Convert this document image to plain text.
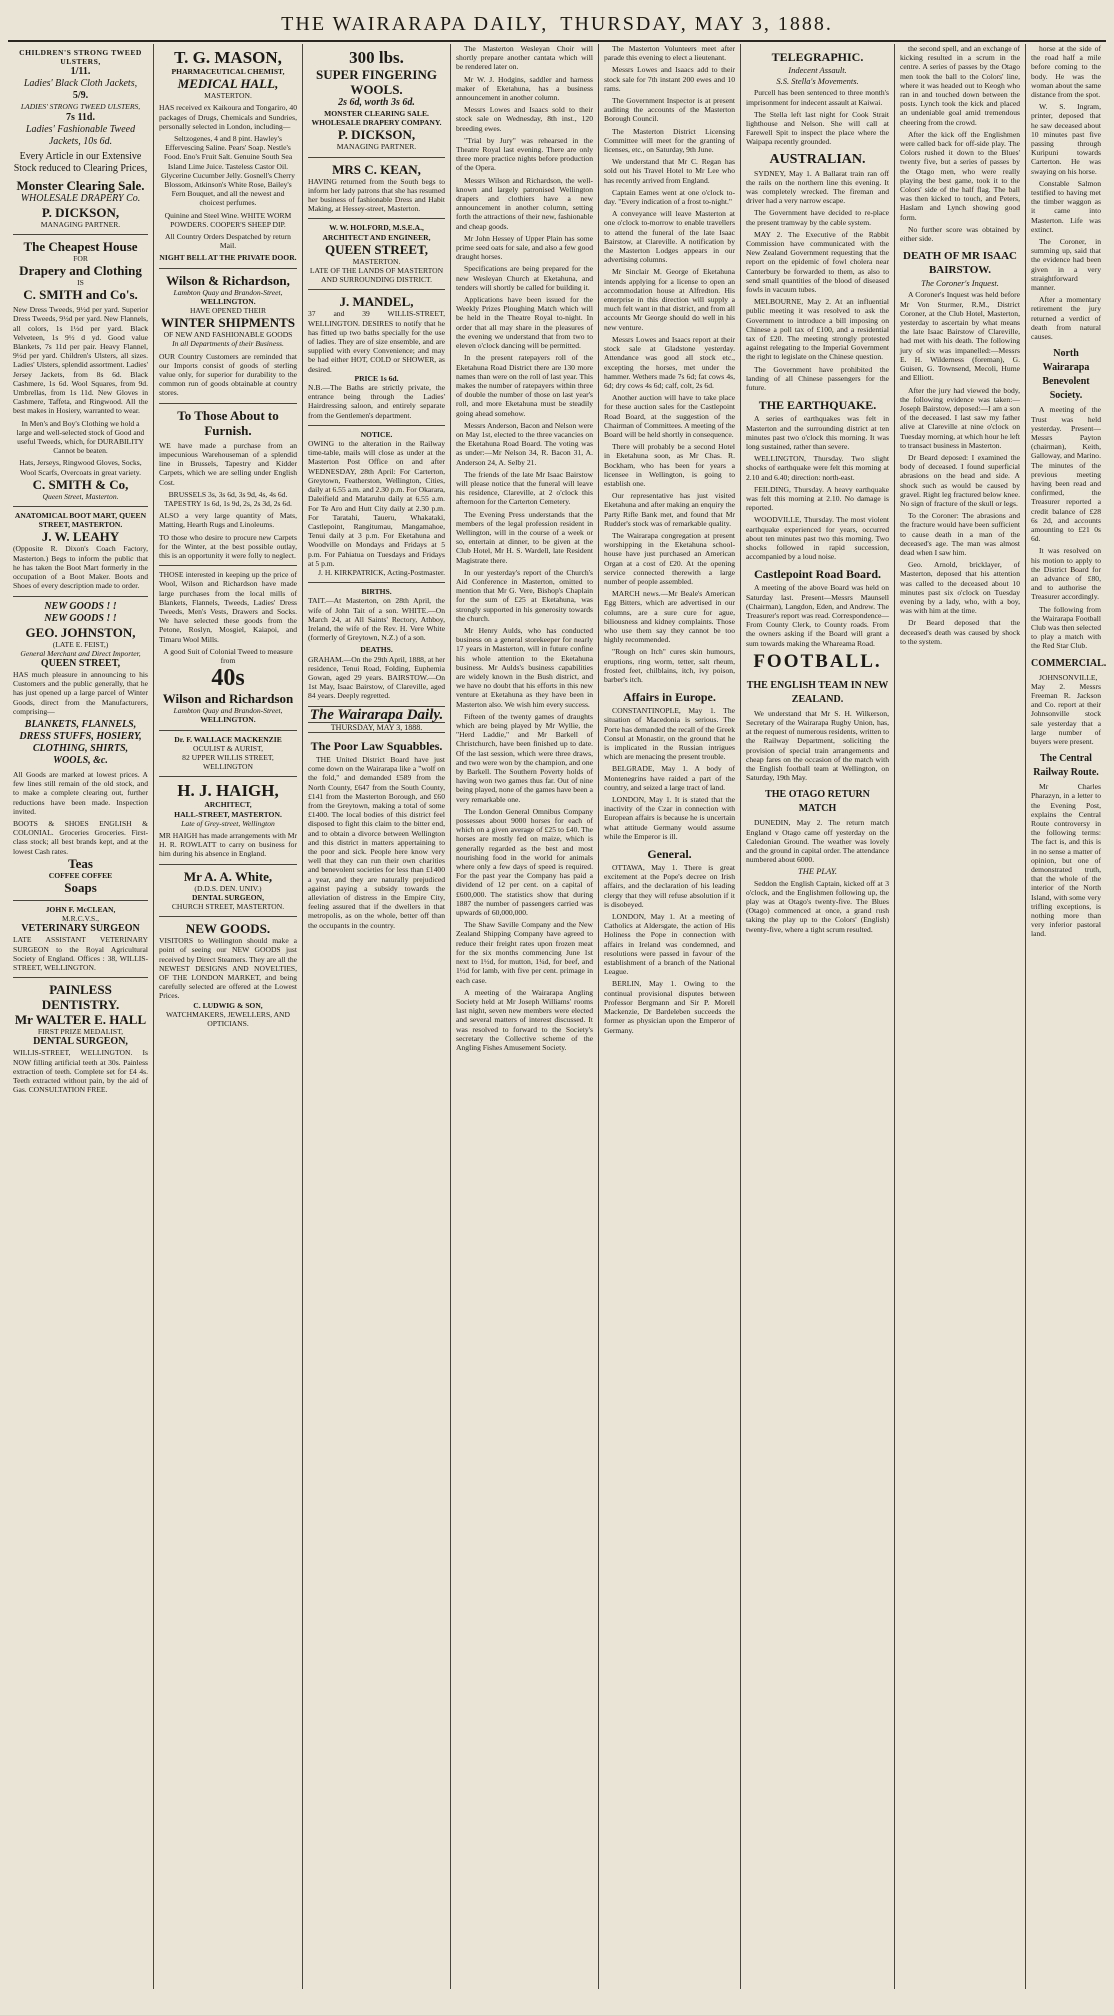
THE WAIRARAPA DAILY, THURSDAY, MAY 3, 1888.
CHILDREN'S STRONG TWEED ULSTERS,
1/11.
Ladies' Black Cloth Jackets,
5/9.
LADIES' STRONG TWEED ULSTERS,
7s 11d.
Ladies' Fashionable Tweed Jackets, 10s 6d.
Every Article in our Extensive Stock reduced to Clearing Prices,
Monster Clearing Sale.
WHOLESALE DRAPERY Co.
P. DICKSON,
MANAGING PARTNER.
The Cheapest House
FOR
Drapery and Clothing
IS
C. SMITH and Co's.
New Dress Tweeds, 9½d per yard. Superior Dress Tweeds, 9½d per yard. New Flannels, all colors, 1s 1½d per yard. Black Velveteen, 1s 9½ d yd. Good value Blankets, 7s 11d per pair. Heavy Flannel, 9½d per yard. Children's Ulsters, all sizes. Ladies' Ulsters, splendid assortment. Ladies' Jersey Jackets, from 8s 6d. Black Cashmere, 1s 6d. Wool Squares, from 9d. Umbrellas, from 1s 11d. New Gloves in Cashmere, Taffeta, and Ringwood. All the best makes in Hosiery, warranted to wear.
In Men's and Boy's Clothing we hold a large and well-selected stock of Good and useful Tweeds, which, for DURABILITY Cannot be beaten.
Hats, Jerseys, Ringwood Gloves, Socks, Wool Scarfs, Overcoats in great variety.
C. SMITH & Co,
Queen Street, Masterton.
ANATOMICAL BOOT MART, QUEEN STREET, MASTERTON.
J. W. LEAHY
(Opposite R. Dixon's Coach Factory, Masterton.) Begs to inform the public that he has taken the Boot Mart formerly in the occupation of a Boot Maker. Boots and Shoes of every description made to order.
NEW GOODS ! !
NEW GOODS ! !
GEO. JOHNSTON,
(LATE E. FEIST,)
General Merchant and Direct Importer,
QUEEN STREET,
HAS much pleasure in announcing to his Customers and the public generally, that he has just opened up a large parcel of Winter Goods, direct from the Manufacturers, comprising—
BLANKETS, FLANNELS, DRESS STUFFS, HOSIERY, CLOTHING, SHIRTS, WOOLS, &c.
All Goods are marked at lowest prices. A few lines still remain of the old stock, and to make a complete clearing out, further reductions have been made. Inspection invited.
BOOTS & SHOES ENGLISH & COLONIAL. Groceries Groceries. First-class stock; all best brands kept, and at the lowest Cash rates.
Teas
COFFEE COFFEE
Soaps
JOHN F. McCLEAN,
M.R.C.V.S.,
VETERINARY SURGEON
LATE ASSISTANT VETERINARY SURGEON to the Royal Agricultural Society of England. Offices : 38, WILLIS-STREET, WELLINGTON.
PAINLESS DENTISTRY.
Mr WALTER E. HALL
FIRST PRIZE MEDALIST,
DENTAL SURGEON,
WILLIS-STREET, WELLINGTON. Is NOW filling artificial teeth at 30s. Painless extraction of teeth. Complete set for £4 4s. Teeth extracted without pain, by the aid of Gas. CONSULTATION FREE.
T. G. MASON,
PHARMACEUTICAL CHEMIST,
MEDICAL HALL,
MASTERTON.
HAS received ex Kaikoura and Tongariro, 40 packages of Drugs, Chemicals and Sundries, personally selected in London, including—
Seltzogenes, 4 and 8 pint. Hawley's Effervescing Saline. Pears' Soap. Nestle's Food. Eno's Fruit Salt. Genuine South Sea Island Lime Juice. Tasteless Castor Oil. Glycerine Cucumber Jelly. Gosnell's Cherry Blossom, Atkinson's White Rose, Bailey's Fern Bouquet, and all the newest and choicest perfumes.
Quinine and Steel Wine. WHITE WORM POWDERS. COOPER'S SHEEP DIP.
All Country Orders Despatched by return Mail.
NIGHT BELL AT THE PRIVATE DOOR.
Wilson & Richardson,
Lambton Quay and Brandon-Street,
WELLINGTON.
HAVE OPENED THEIR
WINTER SHIPMENTS
OF NEW AND FASHIONABLE GOODS
In all Departments of their Business.
OUR Country Customers are reminded that our Imports consist of goods of sterling value only, for superior for durability to the common run of goods obtainable at country stores.
To Those About to Furnish.
WE have made a purchase from an impecunious Warehouseman of a splendid line in Brussels, Tapestry and Kidder Carpets, which we are selling under English Cost.
BRUSSELS 3s, 3s 6d, 3s 9d, 4s, 4s 6d. TAPESTRY 1s 6d, 1s 9d, 2s, 2s 3d, 2s 6d.
ALSO a very large quantity of Mats, Matting, Hearth Rugs and Linoleums.
TO those who desire to procure new Carpets for the Winter, at the best possible outlay, this is an opportunity it were folly to neglect.
THOSE interested in keeping up the price of Wool, Wilson and Richardson have made large purchases from the local mills of Blankets, Flannels, Tweeds, Ladies' Dress Tweeds, Men's Vests, Drawers and Socks. We have selected these goods from the Petone, Roslyn, Mosgiel, Kaiapoi, and Timaru Wool Mills.
A good Suit of Colonial Tweed to measure from
40s
Wilson and Richardson
Lambton Quay and Brandon-Street,
WELLINGTON.
Dr. F. WALLACE MACKENZIE
OCULIST & AURIST,
82 UPPER WILLIS STREET, WELLINGTON
H. J. HAIGH,
ARCHITECT,
HALL-STREET, MASTERTON.
Late of Grey-street, Wellington
MR HAIGH has made arrangements with Mr H. R. ROWLATT to carry on business for him during his absence in England.
Mr A. A. White,
(D.D.S. DEN. UNIV.)
DENTAL SURGEON,
CHURCH STREET, MASTERTON.
NEW GOODS.
VISITORS to Wellington should make a point of seeing our NEW GOODS just received by Direct Steamers. They are all the NEWEST DESIGNS AND NOVELTIES, OF THE LONDON MARKET, and being carefully selected are offered at the Lowest Prices.
C. LUDWIG & SON,
WATCHMAKERS, JEWELLERS, AND OPTICIANS.
300 lbs.
SUPER FINGERING WOOLS.
2s 6d, worth 3s 6d.
MONSTER CLEARING SALE.
WHOLESALE DRAPERY COMPANY.
P. DICKSON,
MANAGING PARTNER.
MRS C. KEAN,
HAVING returned from the South begs to inform her lady patrons that she has resumed her business of fashionable Dress and Habit Making, at Hessey-street, Masterton.
W. W. HOLFORD, M.S.E.A.,
ARCHITECT AND ENGINEER,
QUEEN STREET,
MASTERTON.
LATE OF THE LANDS OF MASTERTON AND SURROUNDING DISTRICT.
J. MANDEL,
37 and 39 WILLIS-STREET, WELLINGTON. DESIRES to notify that he has fitted up two baths specially for the use of ladies. They are of size ensemble, and are supplied with every Convenience; and may be had either HOT, COLD or SHOWER, as desired.
PRICE 1s 6d.
N.B.—The Baths are strictly private, the entrance being through the Ladies' Hairdressing saloon, and entirely separate from the Gentlemen's department.
NOTICE.
OWING to the alteration in the Railway time-table, mails will close as under at the Masterton Post Office on and after WEDNESDAY, 28th April: For Carterton, Greytown, Featherston, Wellington, Cities, daily at 6.55 a.m. and 2.30 p.m. For Okarara, Daleifield and Mataruhu daily at 6.55 a.m. For Te Aro and Hutt City daily at 2.30 p.m. For Taratahi, Taueru, Whakataki, Castlepoint, Rangitumau, Mangamahoe, Tenui daily at 3 p.m. For Eketahuna and Woodville on Mondays and Fridays at 5 p.m. For Pahiatua on Tuesdays and Fridays at 5 p.m.
J. H. KIRKPATRICK, Acting-Postmaster.
BIRTHS.
TAIT.—At Masterton, on 28th April, the wife of John Tait of a son. WHITE.—On March 24, at All Saints' Rectory, Athboy, Ireland, the wife of the Rev. H. Vere White (formerly of Greytown, N.Z.) of a son.
DEATHS.
GRAHAM.—On the 29th April, 1888, at her residence, Tenui Road, Folding, Euphemia Gowan, aged 29 years. BAIRSTOW.—On 1st May, Isaac Bairstow, of Clareville, aged 84 years. Deeply regretted.
The Wairarapa Daily.
THURSDAY, MAY 3, 1888.
The Poor Law Squabbles.

THE United District Board have just come down on the Wairarapa like a "wolf on the fold," and demanded £589 from the North County, £647 from the South County, £141 from the Masterton Borough, and £60 from the Greytown, making a total of some £1400. The local bodies of this district feel disposed to fight this claim to the bitter end, and to obtain a divorce between Wellington and this district in matters appertaining to the poor and sick. People here know very well that they can run their own charities and benevolent societies for less than £1400 a year, and they are naturally prejudiced against paying a subsidy towards the alleviation of distress in the Empire City, feeling assured that if the dwellers in that metropolis, as on the whole, better off than the occupants in the country.

The Masterton Wesleyan Choir will shortly prepare another cantata which will be rendered later on.

Mr W. J. Hodgins, saddler and harness maker of Eketahuna, has a business announcement in another column.

Messrs Lowes and Isaacs sold to their stock sale on Wednesday, 8th inst., 120 breeding ewes.

"Trial by Jury" was rehearsed in the Theatre Royal last evening. There are only three more practice nights before production of the Opera.

Messrs Wilson and Richardson, the well-known and largely patronised Wellington drapers and clothiers have a new announcement in another column, setting forth the attractions of their new, fashionable and cheap goods.

Mr John Hessey of Upper Plain has some prime seed oats for sale, and also a few good draught horses.

Specifications are being prepared for the new Wesleyan Church at Eketahuna, and tenders will shortly be called for building it.

Applications have been issued for the Weekly Prizes Ploughing Match which will be held in the Theatre Royal to-night. In order that all may share in the pleasures of the evening we understand that from two to eleven o'clock dancing will be permitted.

In the present ratepayers roll of the Eketahuna Road District there are 130 more names than were on the roll of last year. This makes the number of ratepayers within three of double the number of those on last year's roll, and more Eketahuna must be steadily going ahead somehow.

Messrs Anderson, Bacon and Nelson were on May 1st, elected to the three vacancies on the Eketahuna Road Board. The voting was as under:—Mr Nelson 34, R. Bacon 31, A. Anderson 24, A. Selby 21.

The friends of the late Mr Isaac Bairstow will please notice that the funeral will leave his residence, Clareville, at 2 o'clock this afternoon for the Carterton Cemetery.

The Evening Press understands that the members of the legal profession resident in Wellington, will in the course of a week or so, entertain at dinner, to be given at the Club Hotel, Mr H. S. Wardell, late Resident Magistrate there.

In our yesterday's report of the Church's Aid Conference in Masterton, omitted to mention that Mr G. Vere, Bishop's Chaplain for the sum of £25 at Eketahuna, was strongly supported in his generosity towards the church.

Mr Henry Aulds, who has conducted business on a general storekeeper for nearly 17 years in Masterton, will in future confine his whole attention to the Eketahuna business. Mr Aulds's business capabilities are widely known in the Bush district, and we have no doubt that his efforts in this new venture at Eketahuna as they have been in Masterton also. We wish him every success.

Fifteen of the twenty games of draughts which are being played by Mr Wyllie, the "Herd Laddie," and Mr Barkell of Christchurch, have been finished up to date. Of the last session, which were three draws, and two were won by the champion, and one by Barkell. The Southern Poverty holds of having won two games thus far. Out of nine being played, none of the games have been a very remarkable one.

The London General Omnibus Company possesses about 9000 horses for each of which on a given average of £25 to £40. The horses are mostly fed on maize, which is generally regarded as the best and most nourishing food in the world for animals where only a few days of speed is required. For the past year the Company has paid a dividend of 12 per cent. on a capital of £600,000. The statistics show that during 1887 the number of passengers carried was upwards of 60,000,000.

The Shaw Saville Company and the New Zealand Shipping Company have agreed to reduce their freight rates upon frozen meat for the six months commencing June 1st next to 1½d, for mutton, 1¼d, for beef, and 1½d for lamb, with five per cent. primage in each case.

A meeting of the Wairarapa Angling Society held at Mr Joseph Williams' rooms last night, seven new members were elected and several matters of interest discussed. It was resolved to forward to the Society's secretary the Collective scheme of the Angling Fishes Amusement Society.

The Masterton Volunteers meet after parade this evening to elect a lieutenant.

Messrs Lowes and Isaacs add to their stock sale for 7th instant 200 ewes and 10 rams.

The Government Inspector is at present auditing the accounts of the Masterton Borough Council.

The Masterton District Licensing Committee will meet for the granting of licenses, etc., on Saturday, 9th June.

We understand that Mr C. Regan has sold out his Travel Hotel to Mr Lee who has recently arrived from England.

Captain Eames went at one o'clock to-day. "Every indication of a frost to-night."

A conveyance will leave Masterton at one o'clock to-morrow to enable travellers to attend the funeral of the late Isaac Bairstow, at Clareville. A notification by the Masterton Lodges appears in our advertising columns.

Mr Sinclair M. George of Eketahuna intends applying for a license to open an accommodation house at Alfredton. His enterprise in this direction will supply a much felt want in that district, and from all accounts Mr George should do well in his new venture.

Messrs Lowes and Isaacs report at their stock sale at Gladstone yesterday. Attendance was good all stock etc., excepting the horses, met under the hammer. Wethers made 7s 6d; fat cows 4s, 6d; dry cows 4s 6d; calf, colt, 2s 6d.

Another auction will have to take place for these auction sales for the Castlepoint Road Board, at the suggestion of the Chairman of Committees. A meeting of the Board will be held shortly in consequence.

There will probably be a second Hotel in Eketahuna soon, as Mr Chas. R. Bockham, who has been for years a licensee in Wellington, is going to establish one.

Our representative has just visited Eketahuna and after making an enquiry the Party Rifle Bank met, and found that Mr Rudder's stock was of remarkable quality.

The Wairarapa congregation at present worshipping in the Eketahuna school-house have just purchased an American Organ at a cost of £20. At the opening service connected therewith a large number of people assembled.

MARCH news.—Mr Beale's American Egg Bitters, which are advertised in our columns, are a sure cure for ague, biliousness and kidney complaints. Those who use them say they cannot be too highly recommended.

"Rough on Itch" cures skin humours, eruptions, ring worm, tetter, salt rheum, frosted feet, chilblains, itch, ivy poison, barber's itch.

Affairs in Europe.

CONSTANTINOPLE, May 1. The situation of Macedonia is serious. The Porte has demanded the recall of the Greek Consul at Monastir, on the ground that he is implicated in the Russian intrigues which are menacing the present trouble.

BELGRADE, May 1. A body of Montenegrins have raided a part of the country, and seized a large tract of land.

LONDON, May 1. It is stated that the inactivity of the Czar in connection with European affairs is because he is uncertain what attitude Germany would assume while the Emperor is ill.

General.

OTTAWA, May 1. There is great excitement at the Pope's decree on Irish affairs, and the declaration of his leading clergy that they will refuse absolution if it is disobeyed.

LONDON, May 1. At a meeting of Catholics at Aldersgate, the action of His Holiness the Pope in connection with affairs in Ireland was condemned, and resolutions were passed in favour of the establishment of a branch of the National League.

BERLIN, May 1. Owing to the continual provisional disputes between Professor Bergmann and Sir P. Morell Mackenzie, Dr Bardeleben succeeds the former as physician upon the Emperor of Germany.

TELEGRAPHIC.
Indecent Assault.
S.S. Stella's Movements.

Purcell has been sentenced to three month's imprisonment for indecent assault at Kaiwai.

The Stella left last night for Cook Strait lighthouse and Nelson. She will call at Farewell Spit to inspect the place where the Waipapa recently grounded.

AUSTRALIAN.

SYDNEY, May 1. A Ballarat train ran off the rails on the northern line this evening. It was completely wrecked. The fireman and driver had a very narrow escape.

The Government have decided to re-place the present tramway by the cable system.

MAY 2. The Executive of the Rabbit Commission have communicated with the New Zealand Government requesting that the report on the epidemic of fowl cholera near Canterbury be forwarded to them, as also to send small quantities of the blood of diseased fowls in vacuum tubes.

MELBOURNE, May 2. At an influential public meeting it was resolved to ask the Government to introduce a bill imposing on Chinese a poll tax of £100, and a residential tax of £20. The meeting strongly protested against relegating to the Imperial Government the right to legislate on the Chinese question.

The Government have prohibited the landing of all Chinese passengers for the future.

THE EARTHQUAKE.

A series of earthquakes was felt in Masterton and the surrounding district at ten minutes past two o'clock this morning. It was long sustained, rather than severe.

WELLINGTON, Thursday. Two slight shocks of earthquake were felt this morning at 2.10 and 6.40; direction: north-east.

FEILDING, Thursday. A heavy earthquake was felt this morning at 2.10. No damage is reported.

WOODVILLE, Thursday. The most violent earthquake experienced for years, occurred about ten minutes past two this morning. Two shocks followed in rapid succession, accompanied by a loud noise.

Castlepoint Road Board.

A meeting of the above Board was held on Saturday last. Present—Messrs Maunsell (Chairman), Langdon, Eden, and Andrew. The Treasurer's report was read. Correspondence—From County Clerk, to County roads. From the owners asking if the Board will grant a sum towards making the Whareama Road.

FOOTBALL.
THE ENGLISH TEAM IN NEW ZEALAND.

We understand that Mr S. H. Wilkerson, Secretary of the Wairarapa Rugby Union, has, at the request of numerous residents, written to the Railway Department, soliciting the provision of special train arrangements and cheap fares on the occasion of the match with the English football team at Wellington, on Saturday, 19th May.

THE OTAGO RETURN MATCH

DUNEDIN, May 2. The return match England v Otago came off yesterday on the Caledonian Ground. The weather was lovely and the ground in capital order. The attendance numbered about 6000.

THE PLAY.

Seddon the English Captain, kicked off at 3 o'clock, and the Englishmen following up, the play was at Otago's twenty-five. The Blues (Otago) commenced at once, a grand rush taking the play up to the Colors' (English) twenty-five, where a tight scrum resulted.

the second spell, and an exchange of kicking resulted in a scrum in the centre. A series of passes by the Otago men took the ball to the Colors' line, where it was headed out to Keogh who ran in and touched down between the posts. Lynch took the kick and placed an undeniable goal amid tremendous cheering from the crowd.

After the kick off the Englishmen were called back for off-side play. The Colors rushed it down to the Blues' twenty five, but a series of passes by the Otago men, who were really playing the best game, took it to the Colors' side of the half flag. The ball was then kicked to touch, and Peters, Haslam and Lynch showing good form.

No further score was obtained by either side.

DEATH OF MR ISAAC BAIRSTOW.
The Coroner's Inquest.

A Coroner's Inquest was held before Mr Von Sturmer, R.M., District Coroner, at the Club Hotel, Masterton, yesterday to ascertain by what means the late Isaac Bairstow of Clareville, had met with his death. The following jury of six was impanelled:—Messrs E. H. Wilderness (foreman), G. Guisen, G. Townsend, Mecoli, Hume and Elliott.

After the jury had viewed the body, the following evidence was taken:— Joseph Bairstow, deposed:—I am a son of the deceased. I last saw my father alive at Clareville at nine o'clock on Tuesday morning, at which hour he left to transact business in Masterton.

Dr Beard deposed: I examined the body of deceased. I found superficial abrasions on the head and side. A shock such as would be caused by gravel. Right leg fractured below knee. No sign of fracture of the skull or legs.

To the Coroner: The abrasions and the fracture would have been sufficient to cause death in a man of the deceased's age. The man was almost dead when I saw him.

Geo. Arnold, bricklayer, of Masterton, deposed that his attention was called to the deceased about 10 minutes past six o'clock on Tuesday evening by a lady, who, with a boy, was with him at the time.

Dr Beard deposed that the deceased's death was caused by shock to the system.

horse at the side of the road half a mile before coming to the body. He was the woman about the same distance from the spot.

W. S. Ingram, printer, deposed that he saw deceased about 10 minutes past five passing through Kuripuni towards Carterton. He was swaying on his horse.

Constable Salmon testified to having met the timber waggon as it came into Masterton. Life was extinct.

The Coroner, in summing up, said that the evidence had been given in a very straightforward manner.

After a momentary retirement the jury returned a verdict of death from natural causes.

North Wairarapa Benevolent Society.

A meeting of the Trust was held yesterday. Present—Messrs Payton (chairman), Keith, Galloway, and Marino. The minutes of the previous meeting having been read and confirmed, the Treasurer reported a credit balance of £28 6s 2d, and accounts amounting to £21 0s 6d.

It was resolved on his motion to apply to the District Board for an advance of £80, and to authorise the Treasurer accordingly.

The following from the Wairarapa Football Club was then selected to play a match with the Red Star Club.

COMMERCIAL.

JOHNSONVILLE, May 2. Messrs Freeman R. Jackson and Co. report at their Johnsonville stock sale yesterday that a large number of buyers were present.

The Central Railway Route.

Mr Charles Pharazyn, in a letter to the Evening Post, explains the Central Route controversy in the following terms: The fact is, and this is in no sense a matter of opinion, but one of demonstrated truth, that the whole of the interior of the North Island, with some very trifling exceptions, is nothing more than very inferior pastoral land.
